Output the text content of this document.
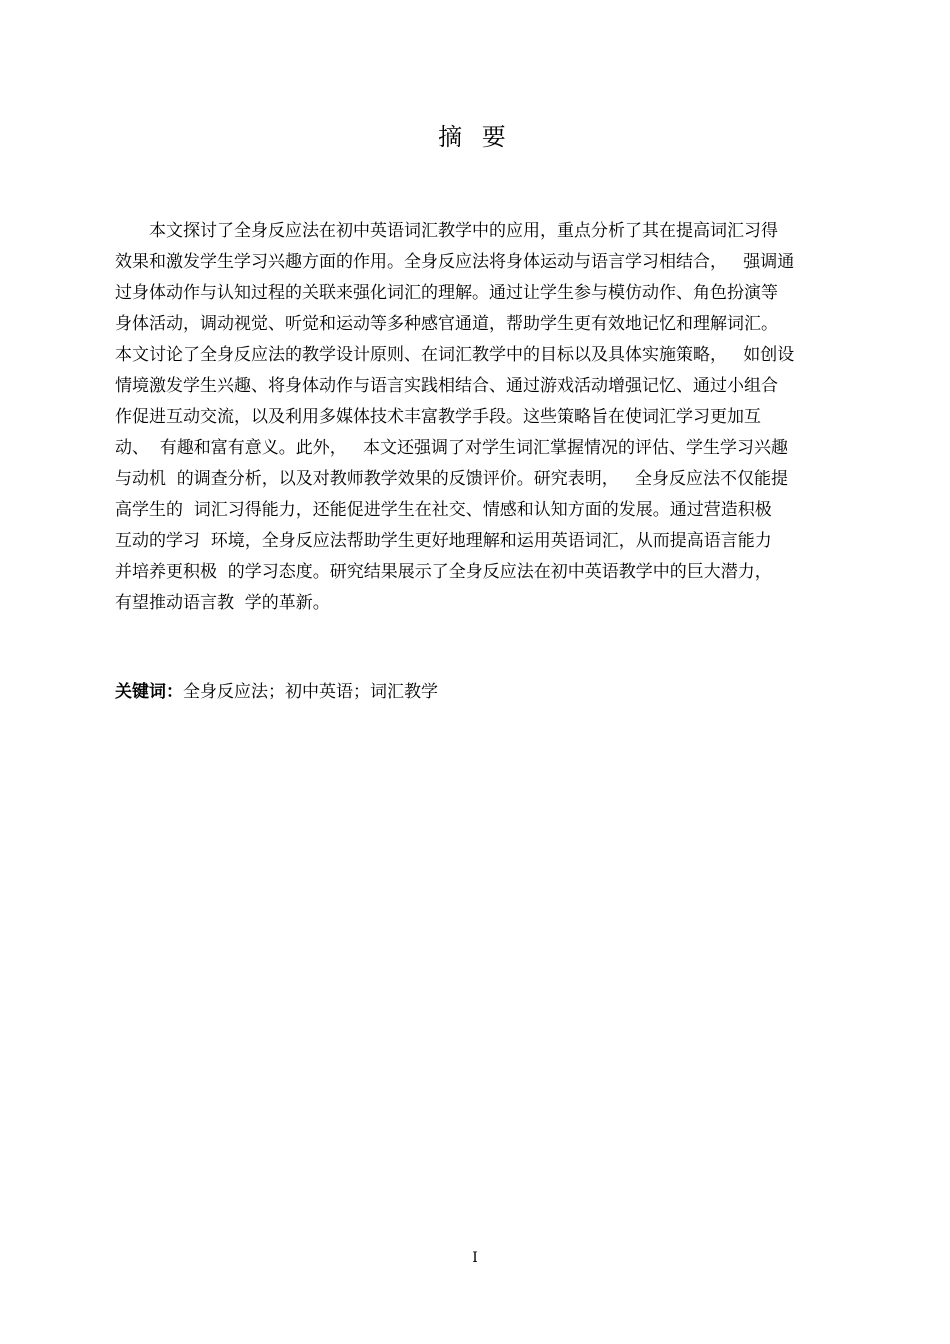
摘 要
本文探讨了全身反应法在初中英语词汇教学中的应用，重点分析了其在提高词汇习得
效果和激发学生学习兴趣方面的作用。全身反应法将身体运动与语言学习相结合，   强调通
过身体动作与认知过程的关联来强化词汇的理解。通过让学生参与模仿动作、角色扮演等
身体活动，调动视觉、听觉和运动等多种感官通道，帮助学生更有效地记忆和理解词汇。
本文讨论了全身反应法的教学设计原则、在词汇教学中的目标以及具体实施策略，   如创设
情境激发学生兴趣、将身体动作与语言实践相结合、通过游戏活动增强记忆、通过小组合
作促进互动交流，以及利用多媒体技术丰富教学手段。这些策略旨在使词汇学习更加互
动、  有趣和富有意义。此外，   本文还强调了对学生词汇掌握情况的评估、学生学习兴趣
与动机  的调查分析，以及对教师教学效果的反馈评价。研究表明，   全身反应法不仅能提
高学生的  词汇习得能力，还能促进学生在社交、情感和认知方面的发展。通过营造积极
互动的学习  环境，全身反应法帮助学生更好地理解和运用英语词汇，从而提高语言能力
并培养更积极  的学习态度。研究结果展示了全身反应法在初中英语教学中的巨大潜力，
有望推动语言教  学的革新。
关键词：全身反应法；初中英语；词汇教学
I
